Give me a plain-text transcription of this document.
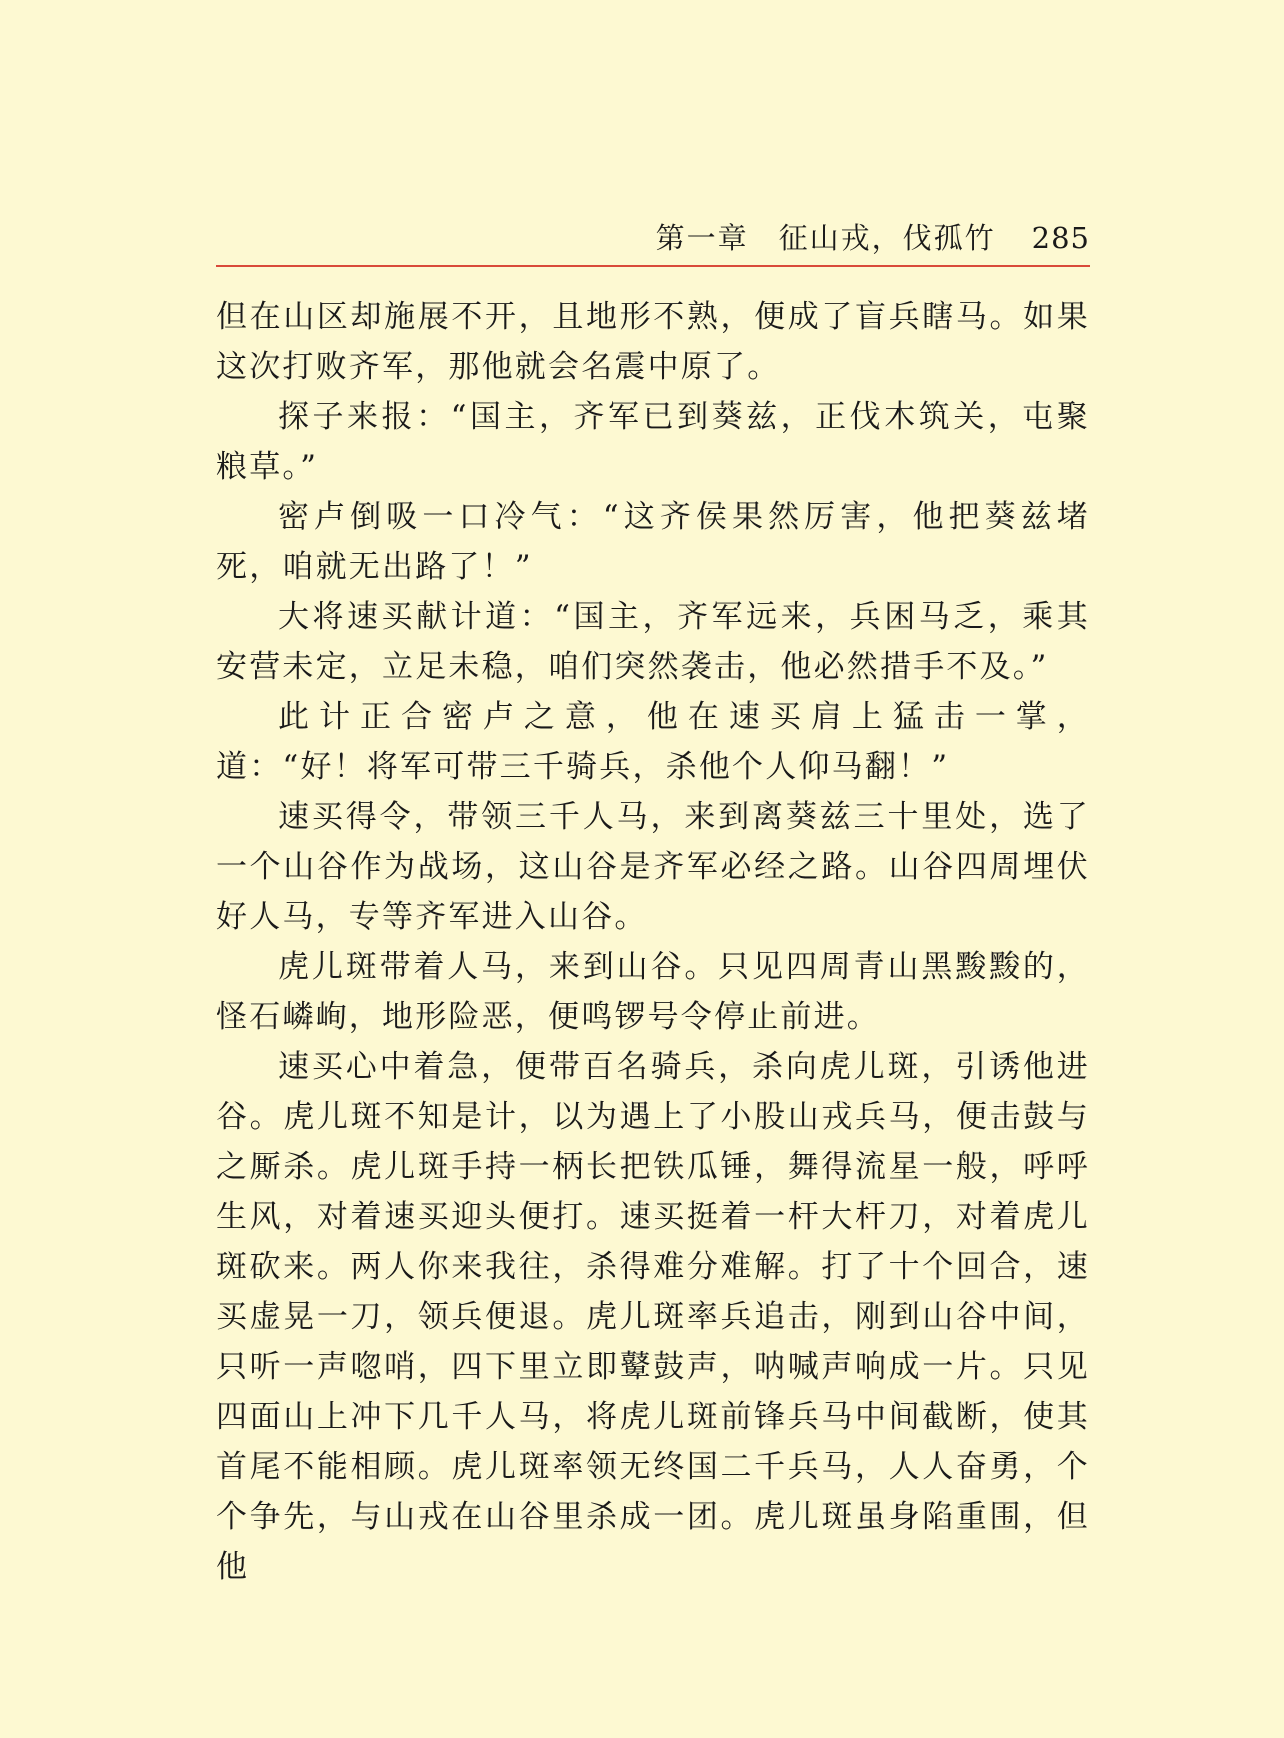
第一章 征山戎，伐孤竹 285

但在山区却施展不开，且地形不熟，便成了盲兵瞎马。如果这次打败齐军，那他就会名震中原了。

探子来报：“国主，齐军已到葵兹，正伐木筑关，屯聚粮草。”

密卢倒吸一口冷气：“这齐侯果然厉害，他把葵兹堵死，咱就无出路了！”

大将速买献计道：“国主，齐军远来，兵困马乏，乘其安营未定，立足未稳，咱们突然袭击，他必然措手不及。”

此计正合密卢之意，他在速买肩上猛击一掌，道：“好！将军可带三千骑兵，杀他个人仰马翻！”

速买得令，带领三千人马，来到离葵兹三十里处，选了一个山谷作为战场，这山谷是齐军必经之路。山谷四周埋伏好人马，专等齐军进入山谷。

虎儿斑带着人马，来到山谷。只见四周青山黑黢黢的，怪石嶙峋，地形险恶，便鸣锣号令停止前进。

速买心中着急，便带百名骑兵，杀向虎儿斑，引诱他进谷。虎儿斑不知是计，以为遇上了小股山戎兵马，便击鼓与之厮杀。虎儿斑手持一柄长把铁瓜锤，舞得流星一般，呼呼生风，对着速买迎头便打。速买挺着一杆大杆刀，对着虎儿斑砍来。两人你来我往，杀得难分难解。打了十个回合，速买虚晃一刀，领兵便退。虎儿斑率兵追击，刚到山谷中间，只听一声唿哨，四下里立即鼙鼓声，呐喊声响成一片。只见四面山上冲下几千人马，将虎儿斑前锋兵马中间截断，使其首尾不能相顾。虎儿斑率领无终国二千兵马，人人奋勇，个个争先，与山戎在山谷里杀成一团。虎儿斑虽身陷重围，但他
